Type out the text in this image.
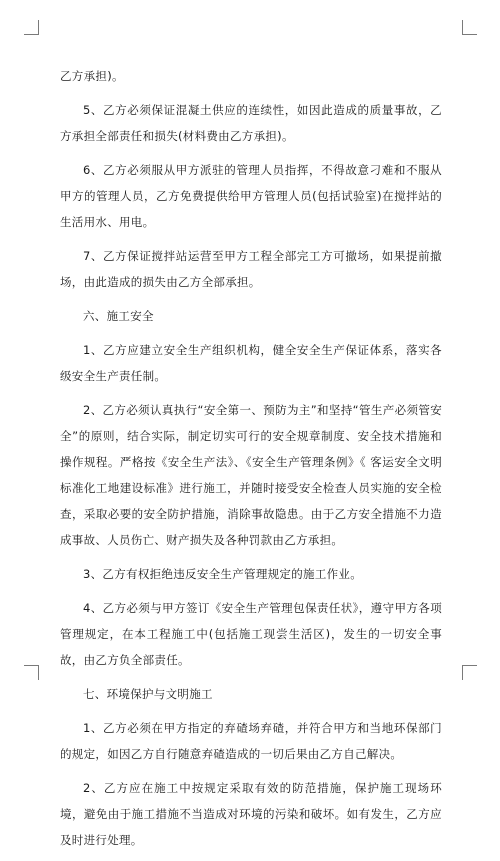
乙方承担)。

5、乙方必须保证混凝土供应的连续性，如因此造成的质量事故，乙方承担全部责任和损失(材料费由乙方承担)。

6、乙方必须服从甲方派驻的管理人员指挥，不得故意刁难和不服从甲方的管理人员，乙方免费提供给甲方管理人员(包括试验室)在搅拌站的生活用水、用电。

7、乙方保证搅拌站运营至甲方工程全部完工方可撤场，如果提前撤场，由此造成的损失由乙方全部承担。

六、施工安全

1、乙方应建立安全生产组织机构，健全安全生产保证体系，落实各级安全生产责任制。

2、乙方必须认真执行“安全第一、预防为主”和坚持“管生产必须管安全”的原则，结合实际，制定切实可行的安全规章制度、安全技术措施和操作规程。严格按《安全生产法》、《安全生产管理条例》《 客运安全文明标准化工地建设标准》进行施工，并随时接受安全检查人员实施的安全检查，采取必要的安全防护措施，消除事故隐患。由于乙方安全措施不力造成事故、人员伤亡、财产损失及各种罚款由乙方承担。

3、乙方有权拒绝违反安全生产管理规定的施工作业。

4、乙方必须与甲方签订《安全生产管理包保责任状》，遵守甲方各项管理规定，在本工程施工中(包括施工现尝生活区)，发生的一切安全事故，由乙方负全部责任。

七、环境保护与文明施工

1、乙方必须在甲方指定的弃碴场弃碴，并符合甲方和当地环保部门的规定，如因乙方自行随意弃碴造成的一切后果由乙方自己解决。

2、乙方应在施工中按规定采取有效的防范措施，保护施工现场环境，避免由于施工措施不当造成对环境的污染和破坏。如有发生，乙方应及时进行处理。
